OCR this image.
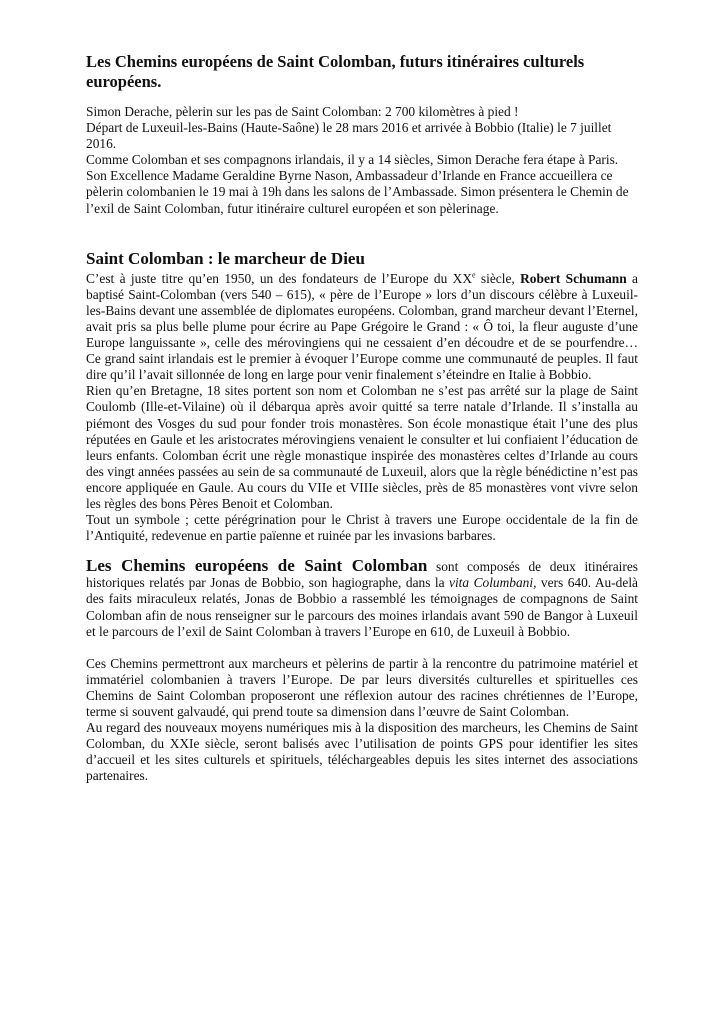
Les Chemins européens de Saint Colomban, futurs itinéraires culturels européens.

Simon Derache, pèlerin sur les pas de Saint Colomban: 2 700 kilomètres à pied !

Départ de Luxeuil-les-Bains (Haute-Saône) le 28 mars 2016 et arrivée à Bobbio (Italie) le 7 juillet 2016.

Comme Colomban et ses compagnons irlandais, il y a 14 siècles, Simon Derache fera étape à Paris. Son Excellence Madame Geraldine Byrne Nason, Ambassadeur d’Irlande en France accueillera ce pèlerin colombanien le 19 mai à 19h dans les salons de l’Ambassade. Simon présentera le Chemin de l’exil de Saint Colomban, futur itinéraire culturel européen et son pèlerinage.

Saint Colomban : le marcheur de Dieu

C’est à juste titre qu’en 1950, un des fondateurs de l’Europe du XXe siècle, Robert Schumann a baptisé Saint-Colomban (vers 540 – 615), « père de l’Europe » lors d’un discours célèbre à Luxeuil-les-Bains devant une assemblée de diplomates européens. Colomban, grand marcheur devant l’Eternel, avait pris sa plus belle plume pour écrire au Pape Grégoire le Grand : « Ô toi, la fleur auguste d’une Europe languissante », celle des mérovingiens qui ne cessaient d’en découdre et de se pourfendre… Ce grand saint irlandais est le premier à évoquer l’Europe comme une communauté de peuples. Il faut dire qu’il l’avait sillonnée de long en large pour venir finalement s’éteindre en Italie à Bobbio.

Rien qu’en Bretagne, 18 sites portent son nom et Colomban ne s’est pas arrêté sur la plage de Saint Coulomb (Ille-et-Vilaine) où il débarqua après avoir quitté sa terre natale d’Irlande. Il s’installa au piémont des Vosges du sud pour fonder trois monastères. Son école monastique était l’une des plus réputées en Gaule et les aristocrates mérovingiens venaient le consulter et lui confiaient l’éducation de leurs enfants. Colomban écrit une règle monastique inspirée des monastères celtes d’Irlande au cours des vingt années passées au sein de sa communauté de Luxeuil, alors que la règle bénédictine n’est pas encore appliquée en Gaule. Au cours du VIIe et VIIIe siècles, près de 85 monastères vont vivre selon les règles des bons Pères Benoit et Colomban.

Tout un symbole ; cette pérégrination pour le Christ à travers une Europe occidentale de la fin de l’Antiquité, redevenue en partie païenne et ruinée par les invasions barbares.

Les Chemins européens de Saint Colomban sont composés de deux itinéraires historiques relatés par Jonas de Bobbio, son hagiographe, dans la vita Columbani, vers 640. Au-delà des faits miraculeux relatés, Jonas de Bobbio a rassemblé les témoignages de compagnons de Saint Colomban afin de nous renseigner sur le parcours des moines irlandais avant 590 de Bangor à Luxeuil et le parcours de l’exil de Saint Colomban à travers l’Europe en 610, de Luxeuil à Bobbio.

Ces Chemins permettront aux marcheurs et pèlerins de partir à la rencontre du patrimoine matériel et immatériel colombanien à travers l’Europe. De par leurs diversités culturelles et spirituelles ces Chemins de Saint Colomban proposeront une réflexion autour des racines chrétiennes de l’Europe, terme si souvent galvaudé, qui prend toute sa dimension dans l’œuvre de Saint Colomban.

Au regard des nouveaux moyens numériques mis à la disposition des marcheurs, les Chemins de Saint Colomban, du XXIe siècle, seront balisés avec l’utilisation de points GPS pour identifier les sites d’accueil et les sites culturels et spirituels, téléchargeables depuis les sites internet des associations partenaires.
